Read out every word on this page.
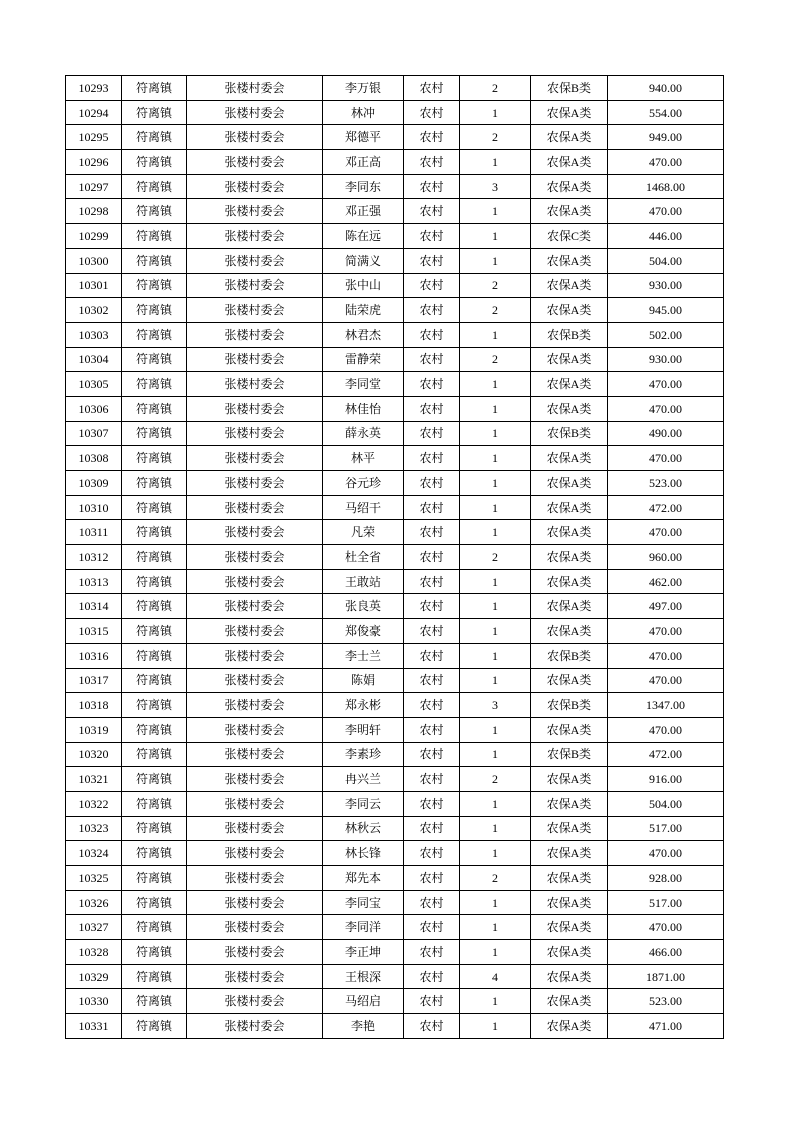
10293	符离镇	张楼村委会	李万银	农村	2	农保B类	940.00
10294	符离镇	张楼村委会	林冲	农村	1	农保A类	554.00
10295	符离镇	张楼村委会	郑德平	农村	2	农保A类	949.00
10296	符离镇	张楼村委会	邓正高	农村	1	农保A类	470.00
10297	符离镇	张楼村委会	李同东	农村	3	农保A类	1468.00
10298	符离镇	张楼村委会	邓正强	农村	1	农保A类	470.00
10299	符离镇	张楼村委会	陈在远	农村	1	农保C类	446.00
10300	符离镇	张楼村委会	简满义	农村	1	农保A类	504.00
10301	符离镇	张楼村委会	张中山	农村	2	农保A类	930.00
10302	符离镇	张楼村委会	陆荣虎	农村	2	农保A类	945.00
10303	符离镇	张楼村委会	林君杰	农村	1	农保B类	502.00
10304	符离镇	张楼村委会	雷静荣	农村	2	农保A类	930.00
10305	符离镇	张楼村委会	李同堂	农村	1	农保A类	470.00
10306	符离镇	张楼村委会	林佳怡	农村	1	农保A类	470.00
10307	符离镇	张楼村委会	薛永英	农村	1	农保B类	490.00
10308	符离镇	张楼村委会	林平	农村	1	农保A类	470.00
10309	符离镇	张楼村委会	谷元珍	农村	1	农保A类	523.00
10310	符离镇	张楼村委会	马绍干	农村	1	农保A类	472.00
10311	符离镇	张楼村委会	凡荣	农村	1	农保A类	470.00
10312	符离镇	张楼村委会	杜全省	农村	2	农保A类	960.00
10313	符离镇	张楼村委会	王敢站	农村	1	农保A类	462.00
10314	符离镇	张楼村委会	张良英	农村	1	农保A类	497.00
10315	符离镇	张楼村委会	郑俊豪	农村	1	农保A类	470.00
10316	符离镇	张楼村委会	李士兰	农村	1	农保B类	470.00
10317	符离镇	张楼村委会	陈娟	农村	1	农保A类	470.00
10318	符离镇	张楼村委会	郑永彬	农村	3	农保B类	1347.00
10319	符离镇	张楼村委会	李明轩	农村	1	农保A类	470.00
10320	符离镇	张楼村委会	李素珍	农村	1	农保B类	472.00
10321	符离镇	张楼村委会	冉兴兰	农村	2	农保A类	916.00
10322	符离镇	张楼村委会	李同云	农村	1	农保A类	504.00
10323	符离镇	张楼村委会	林秋云	农村	1	农保A类	517.00
10324	符离镇	张楼村委会	林长锋	农村	1	农保A类	470.00
10325	符离镇	张楼村委会	郑先本	农村	2	农保A类	928.00
10326	符离镇	张楼村委会	李同宝	农村	1	农保A类	517.00
10327	符离镇	张楼村委会	李同洋	农村	1	农保A类	470.00
10328	符离镇	张楼村委会	李正坤	农村	1	农保A类	466.00
10329	符离镇	张楼村委会	王根深	农村	4	农保A类	1871.00
10330	符离镇	张楼村委会	马绍启	农村	1	农保A类	523.00
10331	符离镇	张楼村委会	李艳	农村	1	农保A类	471.00
